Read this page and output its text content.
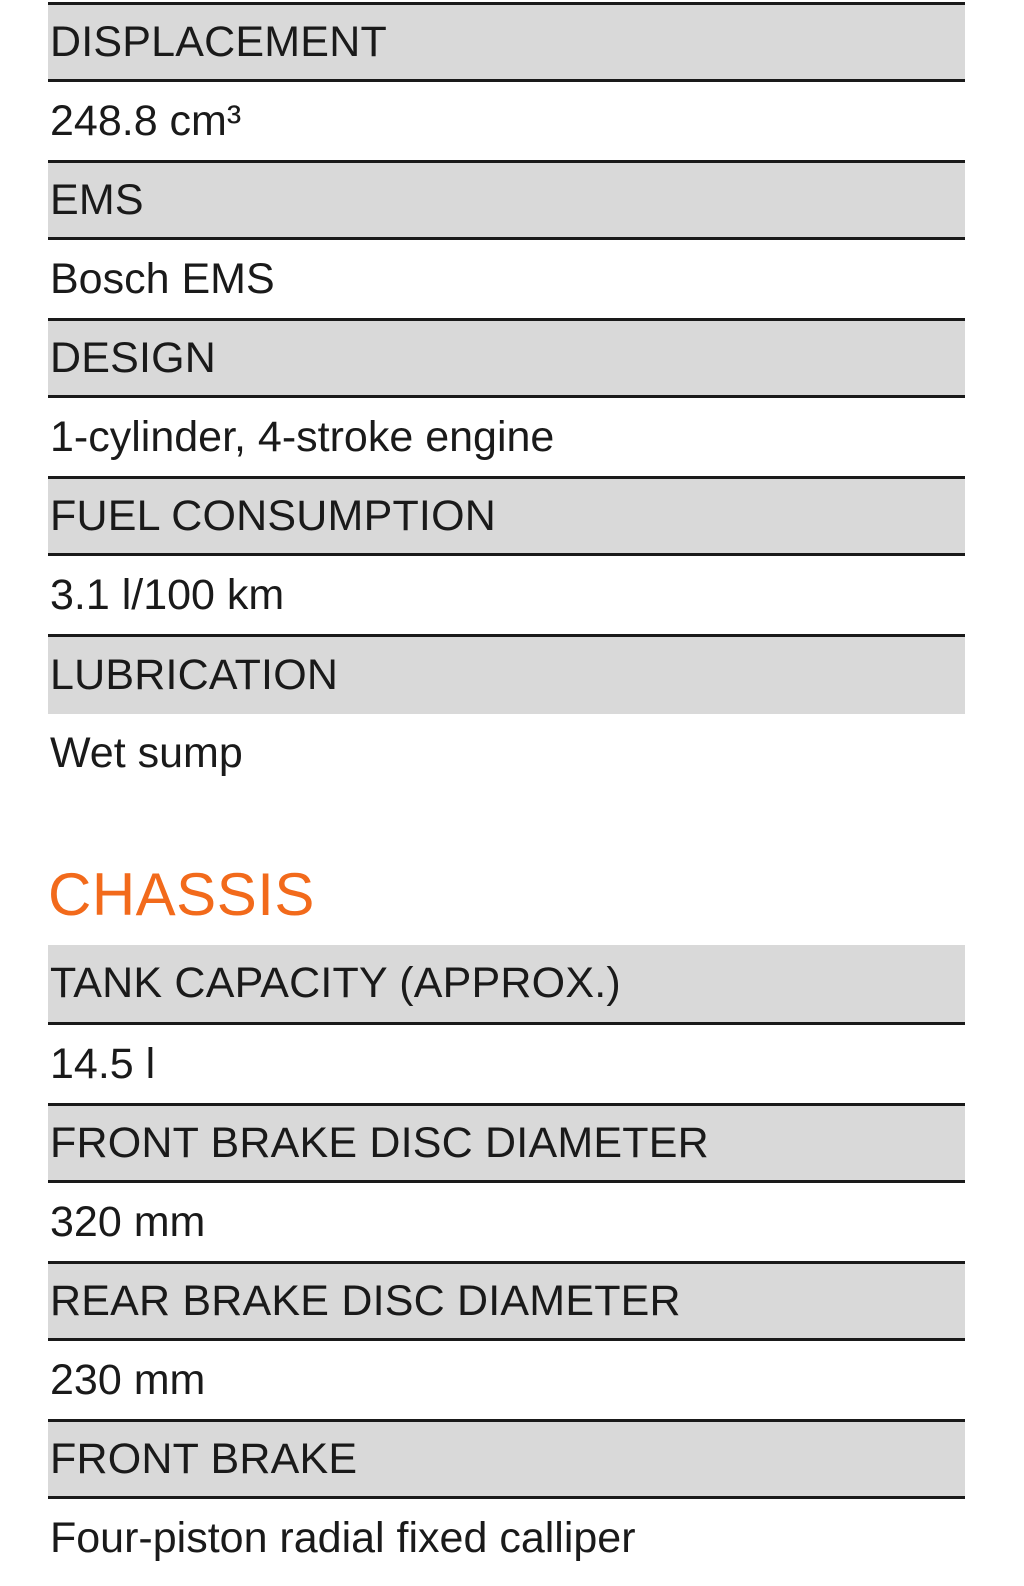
DISPLACEMENT
248.8 cm³
EMS
Bosch EMS
DESIGN
1-cylinder, 4-stroke engine
FUEL CONSUMPTION
3.1 l/100 km
LUBRICATION
Wet sump
CHASSIS
TANK CAPACITY (APPROX.)
14.5 l
FRONT BRAKE DISC DIAMETER
320 mm
REAR BRAKE DISC DIAMETER
230 mm
FRONT BRAKE
Four-piston radial fixed calliper
